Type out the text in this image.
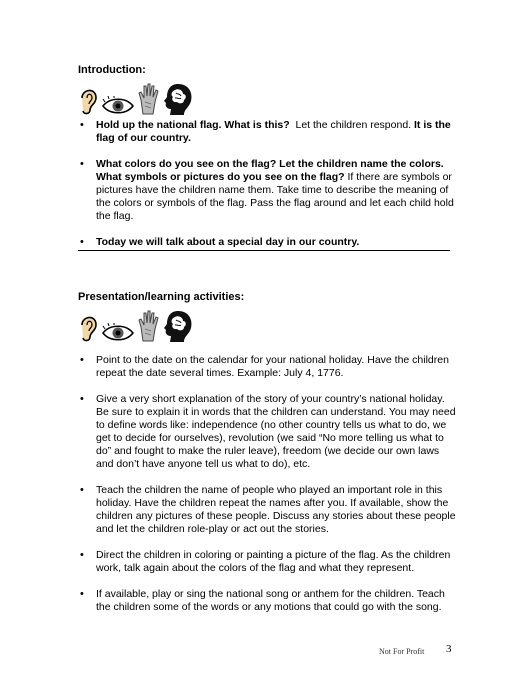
Introduction:
• Hold up the national flag. What is this?  Let the children respond. It is the flag of our country.
• What colors do you see on the flag? Let the children name the colors. What symbols or pictures do you see on the flag? If there are symbols or pictures have the children name them. Take time to describe the meaning of the colors or symbols of the flag. Pass the flag around and let each child hold the flag.
• Today we will talk about a special day in our country.
Presentation/learning activities:
• Point to the date on the calendar for your national holiday. Have the children repeat the date several times. Example: July 4, 1776.
• Give a very short explanation of the story of your country’s national holiday. Be sure to explain it in words that the children can understand. You may need to define words like: independence (no other country tells us what to do, we get to decide for ourselves), revolution (we said “No more telling us what to do” and fought to make the ruler leave), freedom (we decide our own laws and don’t have anyone tell us what to do), etc.
• Teach the children the name of people who played an important role in this holiday. Have the children repeat the names after you. If available, show the children any pictures of these people. Discuss any stories about these people and let the children role-play or act out the stories.
• Direct the children in coloring or painting a picture of the flag. As the children work, talk again about the colors of the flag and what they represent.
• If available, play or sing the national song or anthem for the children. Teach the children some of the words or any motions that could go with the song.
Not For Profit 3
